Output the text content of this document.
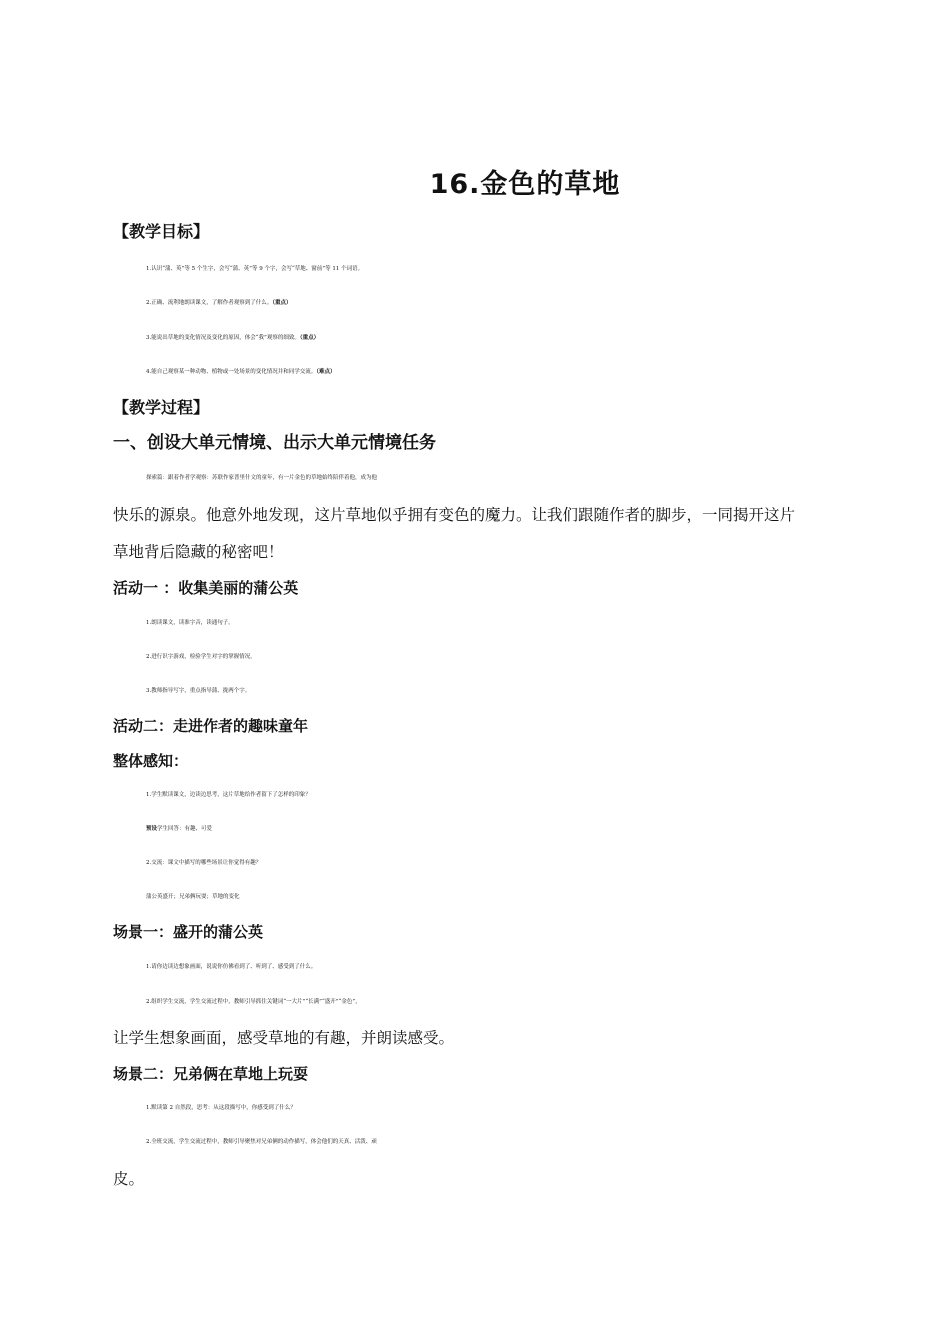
16.金色的草地
【教学目标】
1.认识“蒲、英”等 5 个生字，会写“蒲、英”等 9 个字，会写“草地、窗前”等 11 个词语。
2.正确、流利地朗读课文，了解作者观察到了什么。（重点）
3.能说出草地的变化情况及变化的原因，体会“我”观察的细致。（重点）
4.能自己观察某一种动物、植物或一处场景的变化情况并和同学交流。（难点）
【教学过程】
一、创设大单元情境、出示大单元情境任务
探索篇：跟着作者学观察：苏联作家普里什文的童年，有一片金色的草地始终陪伴着他，成为他
快乐的源泉。他意外地发现，这片草地似乎拥有变色的魔力。让我们跟随作者的脚步，一同揭开这片
草地背后隐藏的秘密吧！
活动一 ：收集美丽的蒲公英
1.朗读课文，读准字音，读通句子。
2.进行识字游戏，检验学生对字的掌握情况。
3.教师指导写字，重点指导蒲、拢两个字。
活动二：走进作者的趣味童年
整体感知：
1.学生默读课文，边读边思考，这片草地给作者留下了怎样的印象？
预设学生回答：有趣、可爱
2.交流：课文中描写的哪些场景让你觉得有趣？
蒲公英盛开；兄弟俩玩耍；草地的变化
场景一：盛开的蒲公英
1.请你边读边想象画面，说说你仿佛看到了、听到了、感受到了什么。
2.组织学生交流，学生交流过程中，教师引导抓住关键词“一大片”“长满”“盛开”“金色”，
让学生想象画面，感受草地的有趣，并朗读感受。
场景二：兄弟俩在草地上玩耍
1.默读第 2 自然段，思考：从这段描写中，你感受到了什么？
2.全班交流，学生交流过程中，教师引导聚焦对兄弟俩的动作描写，体会他们的天真、活泼、顽
皮。
